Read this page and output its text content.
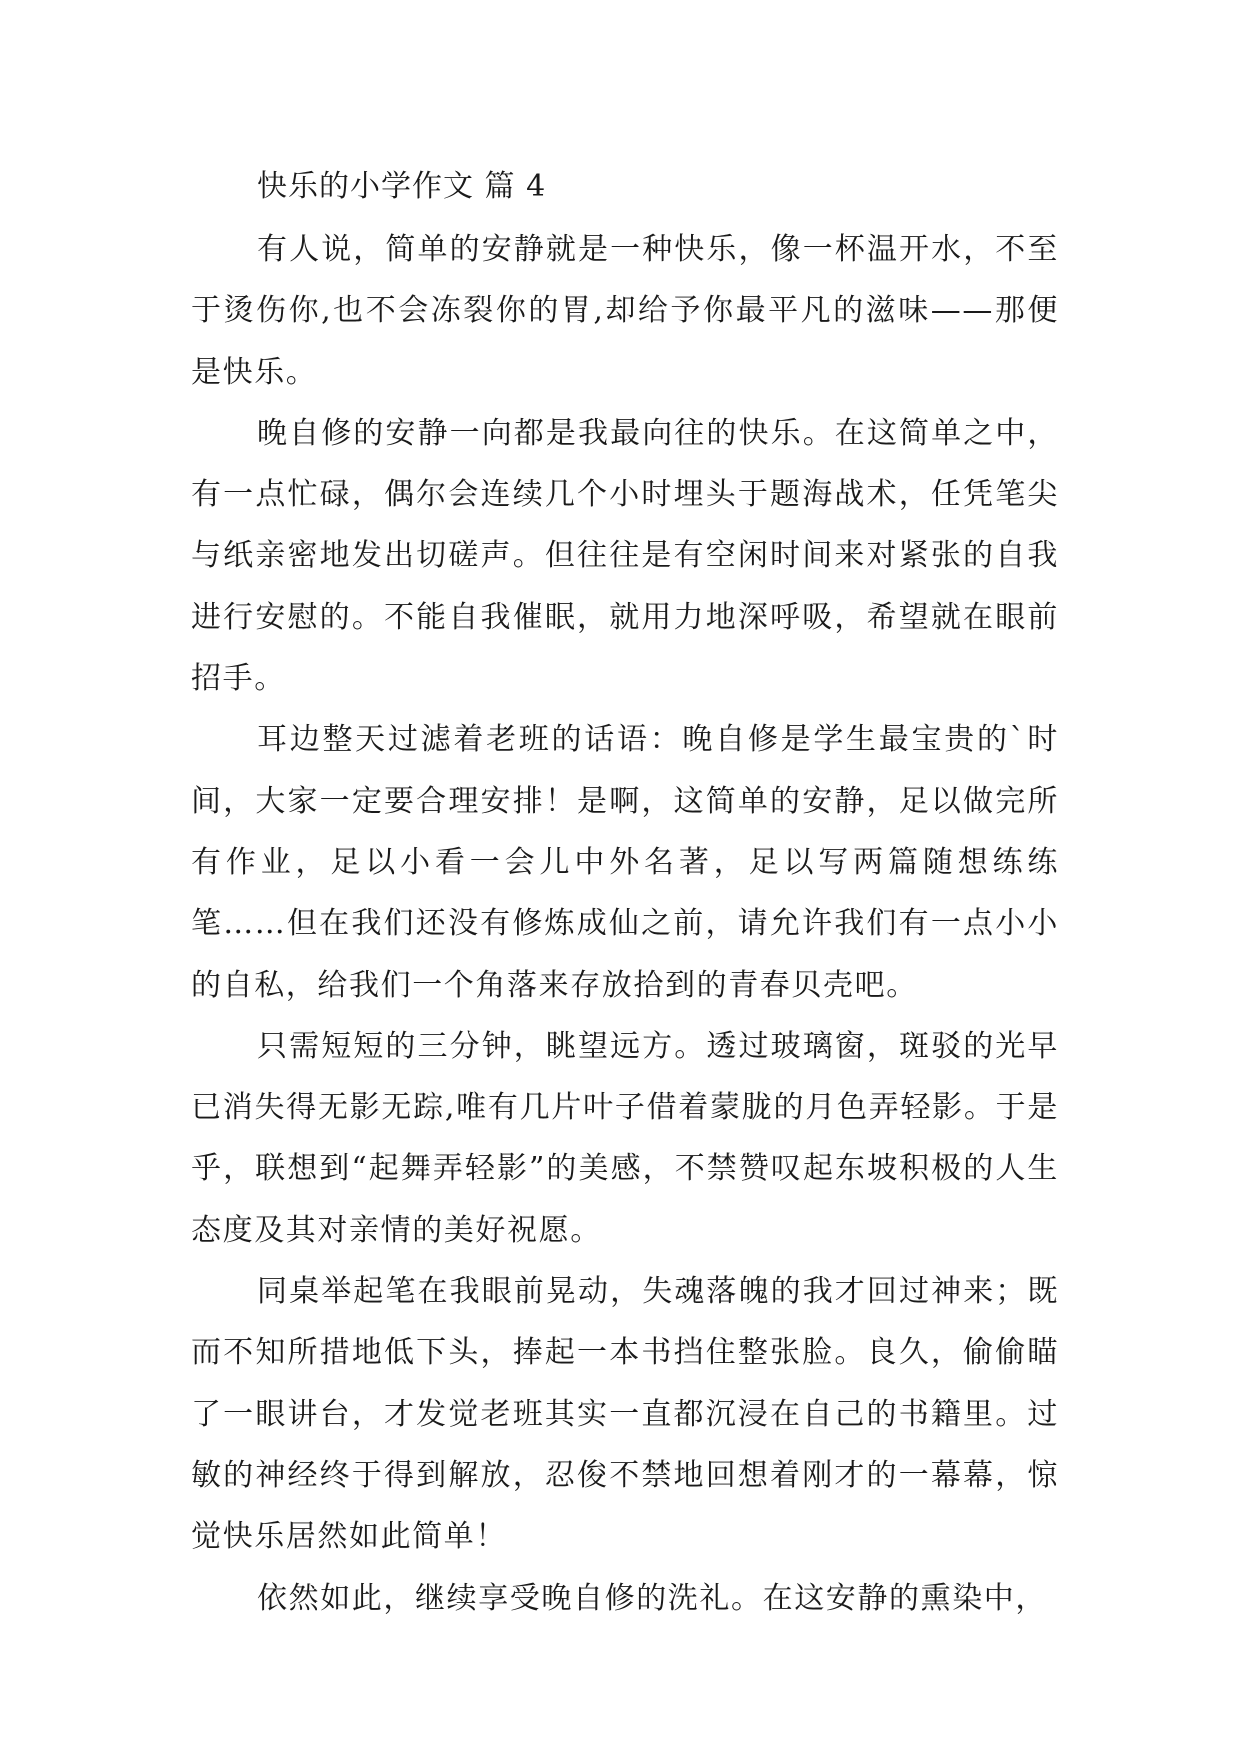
快乐的小学作文 篇 4

有人说，简单的安静就是一种快乐，像一杯温开水，不至于烫伤你,也不会冻裂你的胃,却给予你最平凡的滋味——那便是快乐。

晚自修的安静一向都是我最向往的快乐。在这简单之中，有一点忙碌，偶尔会连续几个小时埋头于题海战术，任凭笔尖与纸亲密地发出切磋声。但往往是有空闲时间来对紧张的自我进行安慰的。不能自我催眠，就用力地深呼吸，希望就在眼前招手。

耳边整天过滤着老班的话语：晚自修是学生最宝贵的`时间，大家一定要合理安排！是啊，这简单的安静，足以做完所有作业，足以小看一会儿中外名著，足以写两篇随想练练笔……但在我们还没有修炼成仙之前，请允许我们有一点小小的自私，给我们一个角落来存放拾到的青春贝壳吧。

只需短短的三分钟，眺望远方。透过玻璃窗，斑驳的光早已消失得无影无踪,唯有几片叶子借着蒙胧的月色弄轻影。于是乎，联想到“起舞弄轻影”的美感，不禁赞叹起东坡积极的人生态度及其对亲情的美好祝愿。

同桌举起笔在我眼前晃动，失魂落魄的我才回过神来；既而不知所措地低下头，捧起一本书挡住整张脸。良久，偷偷瞄了一眼讲台，才发觉老班其实一直都沉浸在自己的书籍里。过敏的神经终于得到解放，忍俊不禁地回想着刚才的一幕幕，惊觉快乐居然如此简单！

依然如此，继续享受晚自修的洗礼。在这安静的熏染中，
